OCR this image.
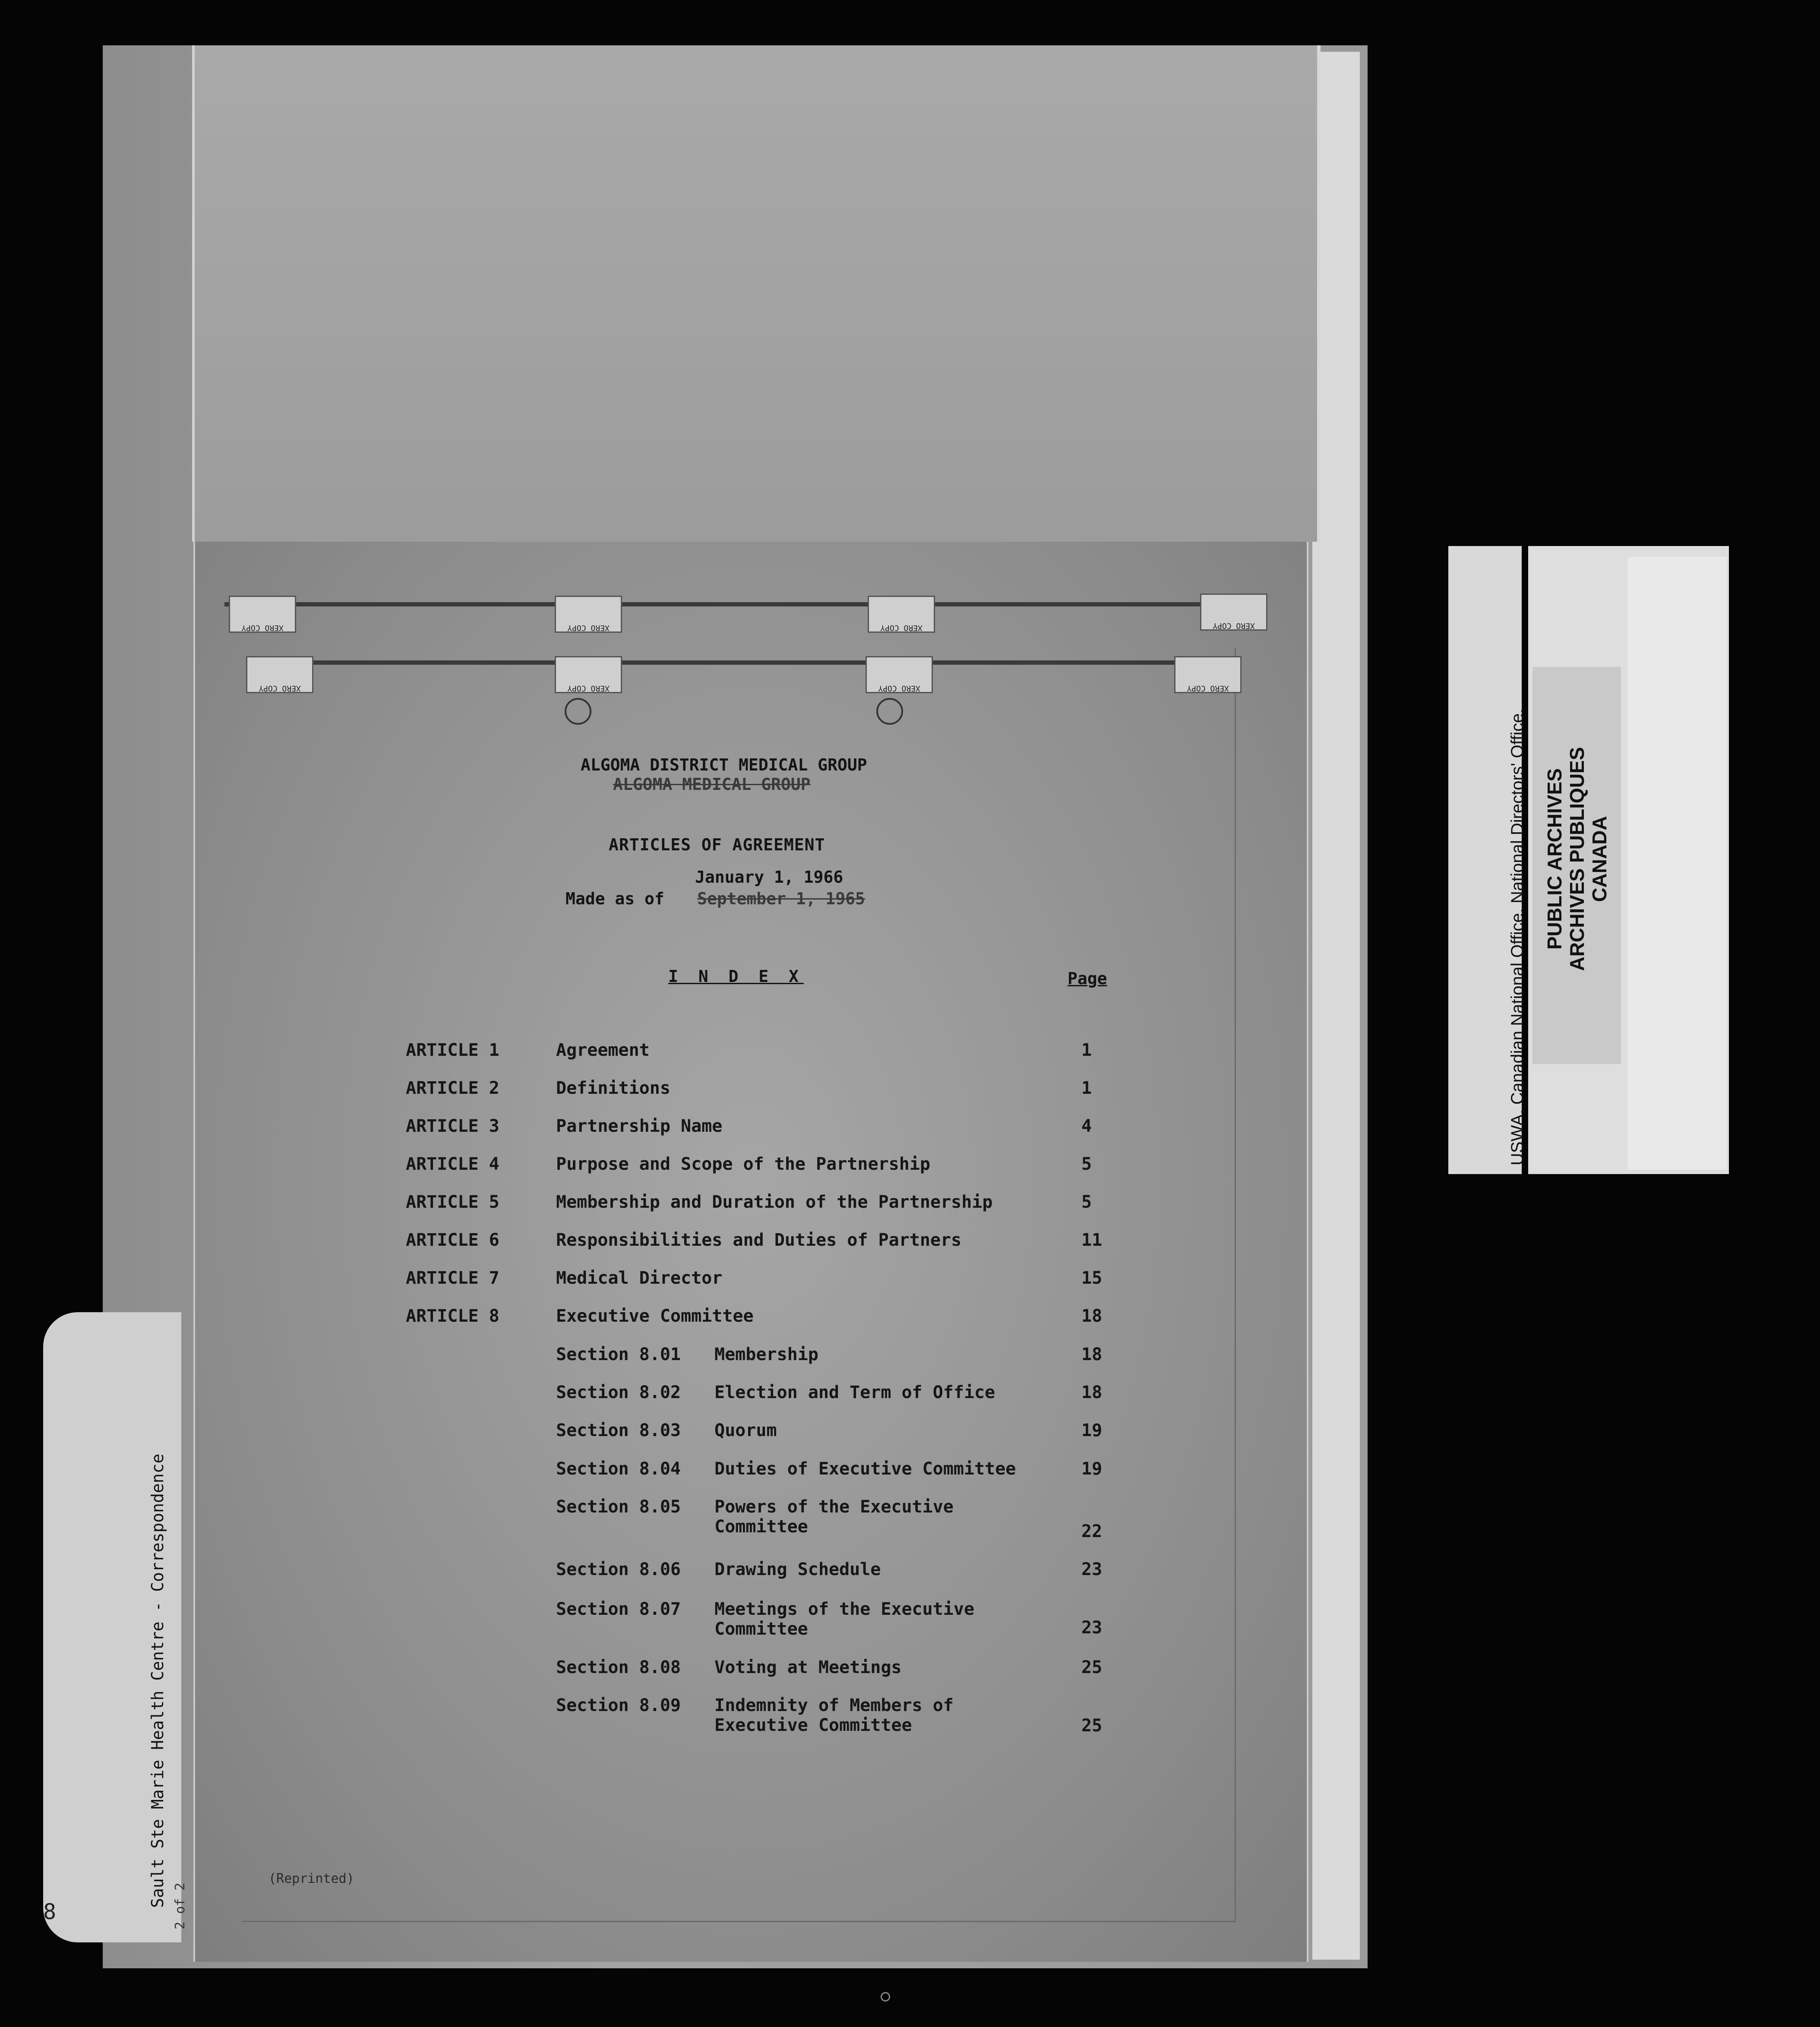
Sault Ste Marie Health Centre - Correspondence

2 of 2
8
XERO COPY	XERO COPY	XERO COPY	XERO COPY
XERO COPY	XERO COPY	XERO COPY	XERO COPY
ALGOMA DISTRICT MEDICAL GROUP
ALGOMA MEDICAL GROUP
ARTICLES OF AGREEMENT
January 1, 1966
Made as of September 1, 1965
I N D E X	Page
ARTICLE 1	Agreement	1
ARTICLE 2	Definitions	1
ARTICLE 3	Partnership Name	4
ARTICLE 4	Purpose and Scope of the Partnership	5
ARTICLE 5	Membership and Duration of the Partnership	5
ARTICLE 6	Responsibilities and Duties of Partners	11
ARTICLE 7	Medical Director	15
ARTICLE 8	Executive Committee	18
Section 8.01 Membership	18
Section 8.02 Election and Term of Office	18
Section 8.03 Quorum	19
Section 8.04 Duties of Executive Committee	19
Section 8.05 Powers of the Executive
Committee	22
Section 8.06 Drawing Schedule	23
Section 8.07 Meetings of the Executive
Committee	23
Section 8.08 Voting at Meetings	25
Section 8.09 Indemnity of Members of
Executive Committee	25
(Reprinted)

USWA, Canadian National Office, National Directors' Office,

PUBLIC ARCHIVES ARCHIVES PUBLIQUES CANADA
